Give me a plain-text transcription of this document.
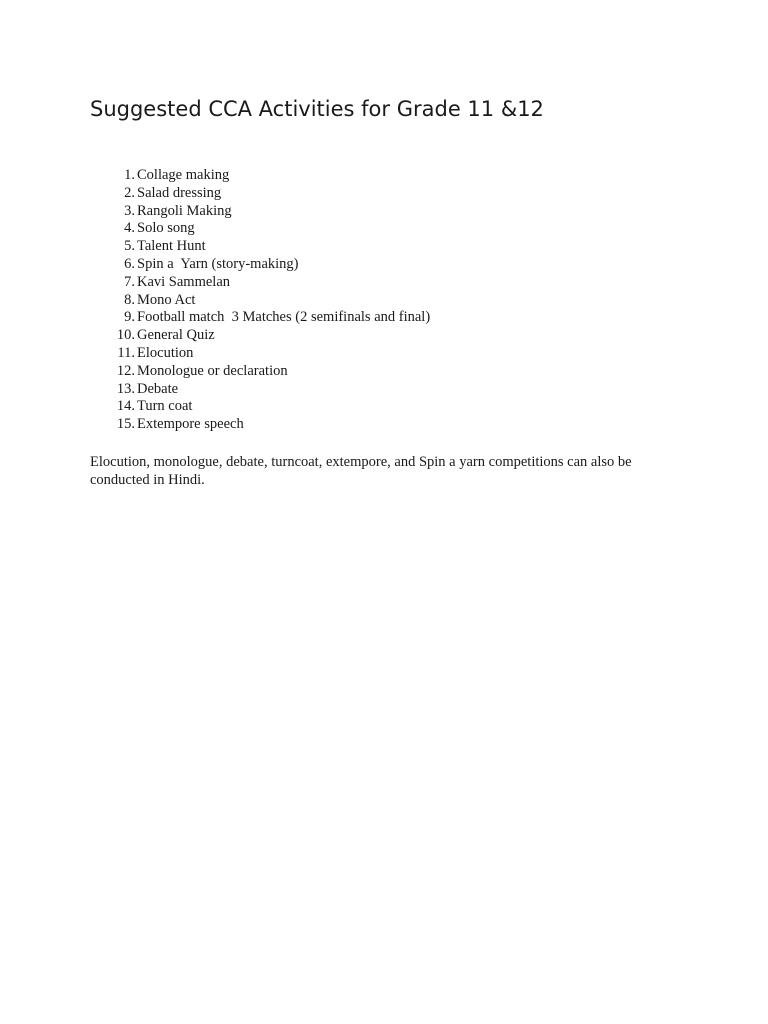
Suggested CCA Activities for Grade 11 &12
1. Collage making
2. Salad dressing
3. Rangoli Making
4. Solo song
5. Talent Hunt
6. Spin a  Yarn (story-making)
7. Kavi Sammelan
8. Mono Act
9. Football match  3 Matches (2 semifinals and final)
10. General Quiz
11. Elocution
12. Monologue or declaration
13. Debate
14. Turn coat
15. Extempore speech

Elocution, monologue, debate, turncoat, extempore, and Spin a yarn competitions can also be conducted in Hindi.
